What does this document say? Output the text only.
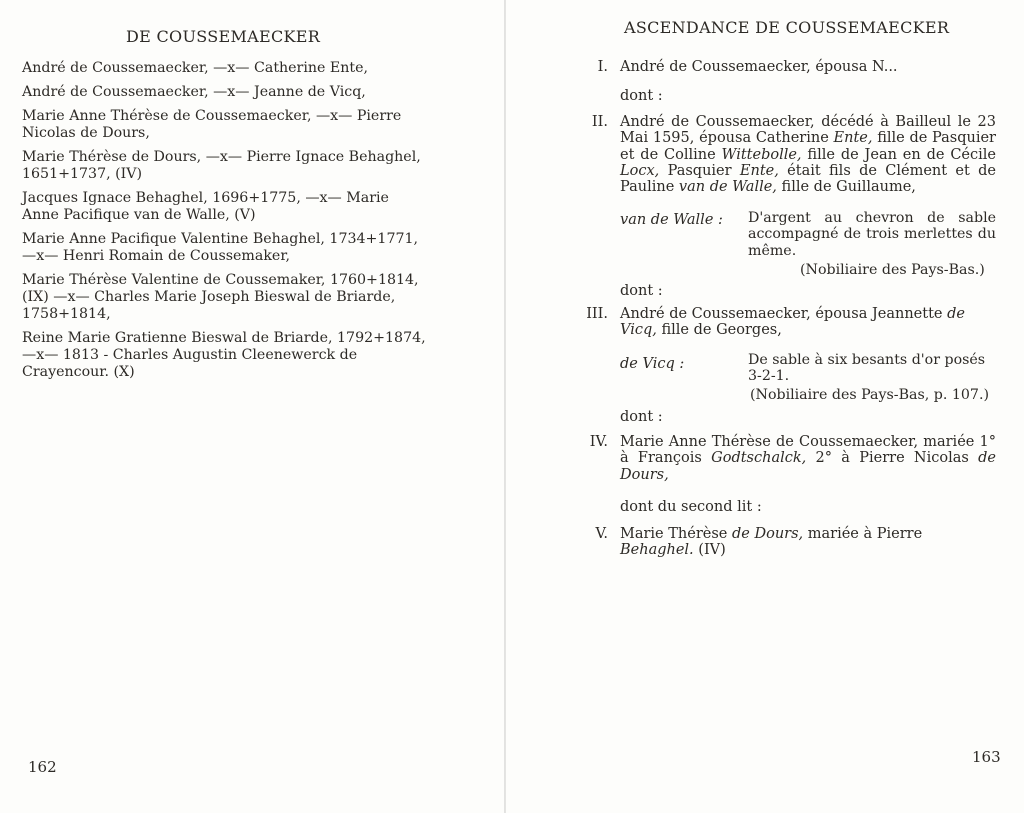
DE COUSSEMAECKER

André de Coussemaecker, —x— Catherine Ente,

André de Coussemaecker, —x— Jeanne de Vicq,

Marie Anne Thérèse de Coussemaecker, —x— Pierre Nicolas de Dours,

Marie Thérèse de Dours, —x— Pierre Ignace Behaghel, 1651+1737, (IV)

Jacques Ignace Behaghel, 1696+1775, —x— Marie Anne Pacifique van de Walle, (V)

Marie Anne Pacifique Valentine Behaghel, 1734+1771, —x— Henri Romain de Coussemaker,

Marie Thérèse Valentine de Coussemaker, 1760+1814, (IX) —x— Charles Marie Joseph Bieswal de Briarde, 1758+1814,

Reine Marie Gratienne Bieswal de Briarde, 1792+1874, —x— 1813 - Charles Augustin Cleenewerck de Crayencour. (X)

162
ASCENDANCE DE COUSSEMAECKER
I. André de Coussemaecker, épousa N...
dont :
II. André de Coussemaecker, décédé à Bailleul le 23 Mai 1595, épousa Catherine Ente, fille de Pasquier et de Colline Wittebolle, fille de Jean en de Cécile Locx, Pasquier Ente, était fils de Clément et de Pauline van de Walle, fille de Guillaume,
van de Walle : D'argent au chevron de sable accompagné de trois merlettes du même.
(Nobiliaire des Pays-Bas.)
dont :
III. André de Coussemaecker, épousa Jeannette de Vicq, fille de Georges,
de Vicq :	De sable à six besants d'or posés 3-2-1.
(Nobiliaire des Pays-Bas, p. 107.)
dont :
IV. Marie Anne Thérèse de Coussemaecker, mariée 1° à François Godtschalck, 2° à Pierre Nicolas de Dours,
dont du second lit :
V. Marie Thérèse de Dours, mariée à Pierre Behaghel. (IV)
163
